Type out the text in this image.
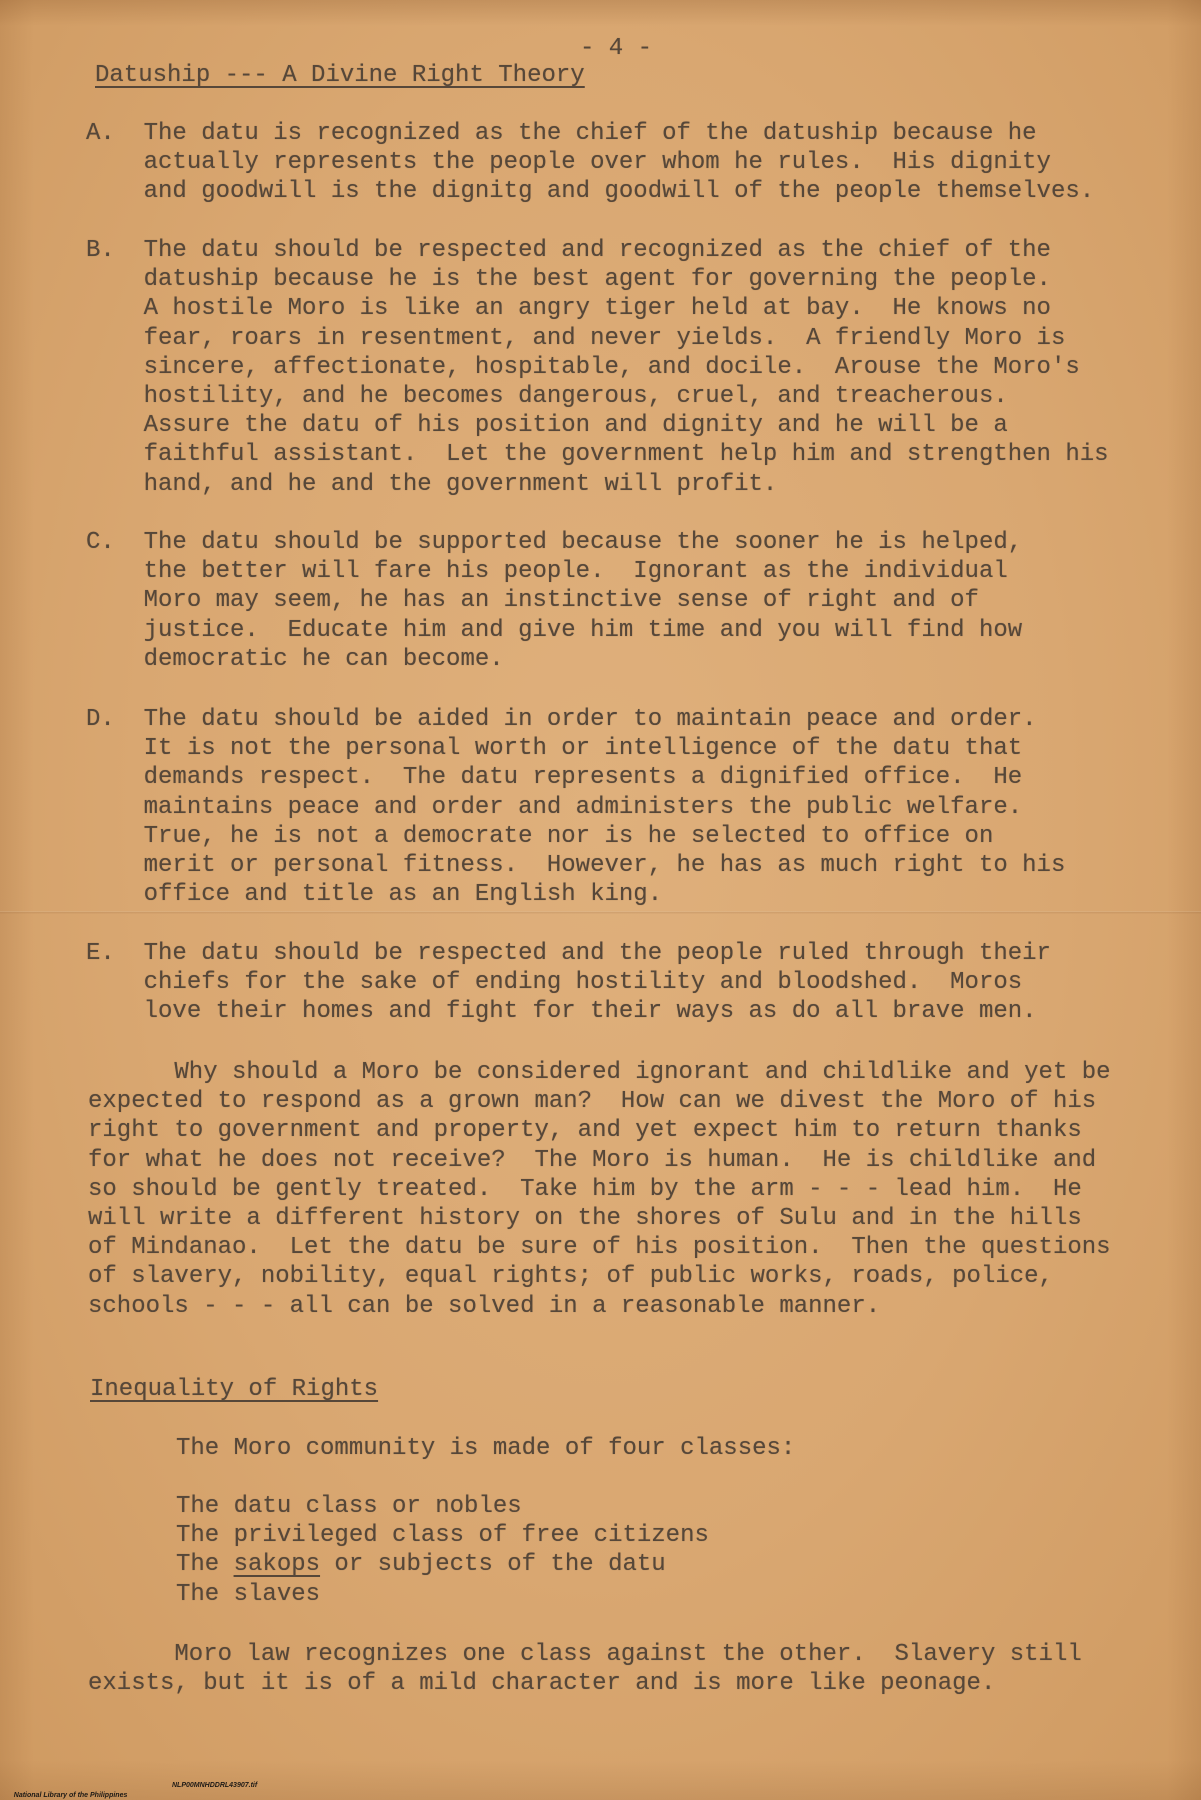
- 4 -
Datuship --- A Divine Right Theory
A. The datu is recognized as the chief of the datuship because he
actually represents the people over whom he rules.  His dignity
and goodwill is the dignitg and goodwill of the people themselves.
B. The datu should be respected and recognized as the chief of the
datuship because he is the best agent for governing the people.
A hostile Moro is like an angry tiger held at bay.  He knows no
fear, roars in resentment, and never yields.  A friendly Moro is
sincere, affectionate, hospitable, and docile.  Arouse the Moro's
hostility, and he becomes dangerous, cruel, and treacherous.
Assure the datu of his position and dignity and he will be a
faithful assistant.  Let the government help him and strengthen his
hand, and he and the government will profit.
C. The datu should be supported because the sooner he is helped,
the better will fare his people.  Ignorant as the individual
Moro may seem, he has an instinctive sense of right and of
justice.  Educate him and give him time and you will find how
democratic he can become.
D. The datu should be aided in order to maintain peace and order.
It is not the personal worth or intelligence of the datu that
demands respect.  The datu represents a dignified office.  He
maintains peace and order and administers the public welfare.
True, he is not a democrate nor is he selected to office on
merit or personal fitness.  However, he has as much right to his
office and title as an English king.
E. The datu should be respected and the people ruled through their
chiefs for the sake of ending hostility and bloodshed.  Moros
love their homes and fight for their ways as do all brave men.
Why should a Moro be considered ignorant and childlike and yet be
expected to respond as a grown man?  How can we divest the Moro of his
right to government and property, and yet expect him to return thanks
for what he does not receive?  The Moro is human.  He is childlike and
so should be gently treated.  Take him by the arm - - - lead him.  He
will write a different history on the shores of Sulu and in the hills
of Mindanao.  Let the datu be sure of his position.  Then the questions
of slavery, nobility, equal rights; of public works, roads, police,
schools - - - all can be solved in a reasonable manner.
Inequality of Rights
The Moro community is made of four classes:
The datu class or nobles
The privileged class of free citizens
The sakops or subjects of the datu
The slaves
Moro law recognizes one class against the other.  Slavery still
exists, but it is of a mild character and is more like peonage.

National Library of the Philippines

NLP00MNHDDRL43907.tif
